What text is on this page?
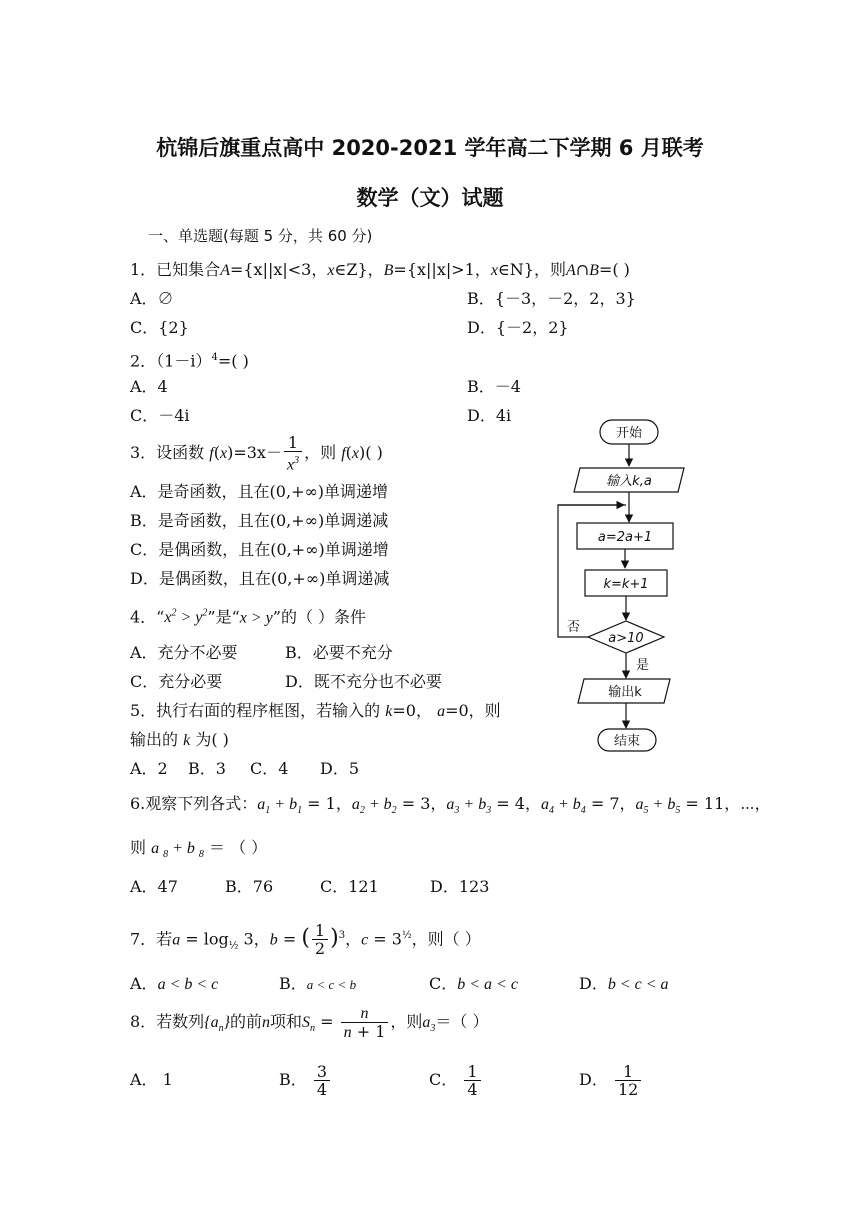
杭锦后旗重点高中 2020-2021 学年高二下学期 6 月联考
数学（文）试题
一、单选题(每题 5 分，共 60 分)
1．已知集合A={x||x|<3，x∈Z}，B={x||x|>1，x∈N}，则A∩B=( )
A．∅	B．{－3，－2，2，3}
C．{2}	D．{－2，2}
2．$(1-i)^4=$( )
A．4	B．－4
C．－4i	D．4i
3．设函数 $f(x)=3x- \frac{1}{x^3}$ ，则 f(x)( )
A．是奇函数，且在(0,+∞)单调递增
B．是奇函数，且在(0,+∞)单调递减
C．是偶函数，且在(0,+∞)单调递增
D．是偶函数，且在(0,+∞)单调递减
4．“$x^2 > y^2$”是“x > y”的（ ）条件
A．充分不必要	B．必要不充分
C．充分必要	D．既不充分也不必要
5．执行右面的程序框图，若输入的 k=0， a=0，则
输出的 k 为( )
A．2 B．3 C．4 D．5
开始
输入k,a
a=2a+1
k=k+1
a>10
否
是
输出k
结束
6.观察下列各式：$a_1 + b_1 = 1$，$a_2 + b_2 = 3$，$a_3 + b_3 = 4$，$a_4 + b_4 = 7$，$a_5 + b_5 = 11$，⋯，
则 a $_8$ + b $_8$ ＝ （ ）
A．47	B．76	C．121	D．123
7．若$a = \log_{\frac{1}{2}} 3$，b = ( $\frac{1}{2} )^3$，$c = 3^{\frac{1}{2}}$，则（ ）
A．a < b < c	B．a < c < b	C．b < a < c	D．b < c < a
8．若数列$\{a_n\}$的前n项和$S_n = \frac{n}{n + 1}$ ，则$a_3=$（ ）
A． 1	B． $\frac{3}{4}$	C． $\frac{1}{4}$	D． $\frac{1}{12}$
